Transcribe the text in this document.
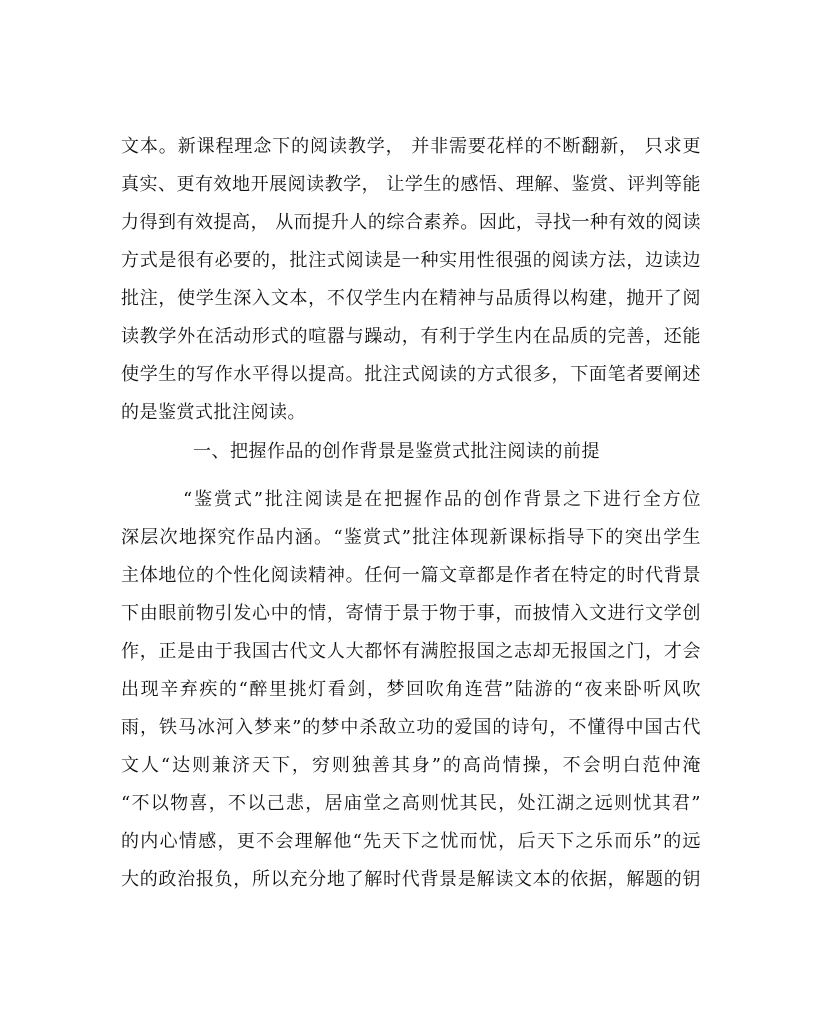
文本。新课程理念下的阅读教学， 并非需要花样的不断翻新， 只求更
真实、更有效地开展阅读教学， 让学生的感悟、理解、鉴赏、评判等能
力得到有效提高， 从而提升人的综合素养。因此，寻找一种有效的阅读
方式是很有必要的，批注式阅读是一种实用性很强的阅读方法，边读边
批注，使学生深入文本，不仅学生内在精神与品质得以构建，抛开了阅
读教学外在活动形式的喧嚣与躁动，有利于学生内在品质的完善，还能
使学生的写作水平得以提高。批注式阅读的方式很多，下面笔者要阐述
的是鉴赏式批注阅读。
一、把握作品的创作背景是鉴赏式批注阅读的前提
“鉴赏式”批注阅读是在把握作品的创作背景之下进行全方位
深层次地探究作品内涵。“鉴赏式”批注体现新课标指导下的突出学生
主体地位的个性化阅读精神。任何一篇文章都是作者在特定的时代背景
下由眼前物引发心中的情，寄情于景于物于事，而披情入文进行文学创
作，正是由于我国古代文人大都怀有满腔报国之志却无报国之门，才会
出现辛弃疾的“醉里挑灯看剑，梦回吹角连营”陆游的“夜来卧听风吹
雨，铁马冰河入梦来”的梦中杀敌立功的爱国的诗句，不懂得中国古代
文人“达则兼济天下，穷则独善其身”的高尚情操，不会明白范仲淹
“不以物喜，不以己悲，居庙堂之高则忧其民，处江湖之远则忧其君”
的内心情感，更不会理解他“先天下之忧而忧，后天下之乐而乐”的远
大的政治报负，所以充分地了解时代背景是解读文本的依据，解题的钥
